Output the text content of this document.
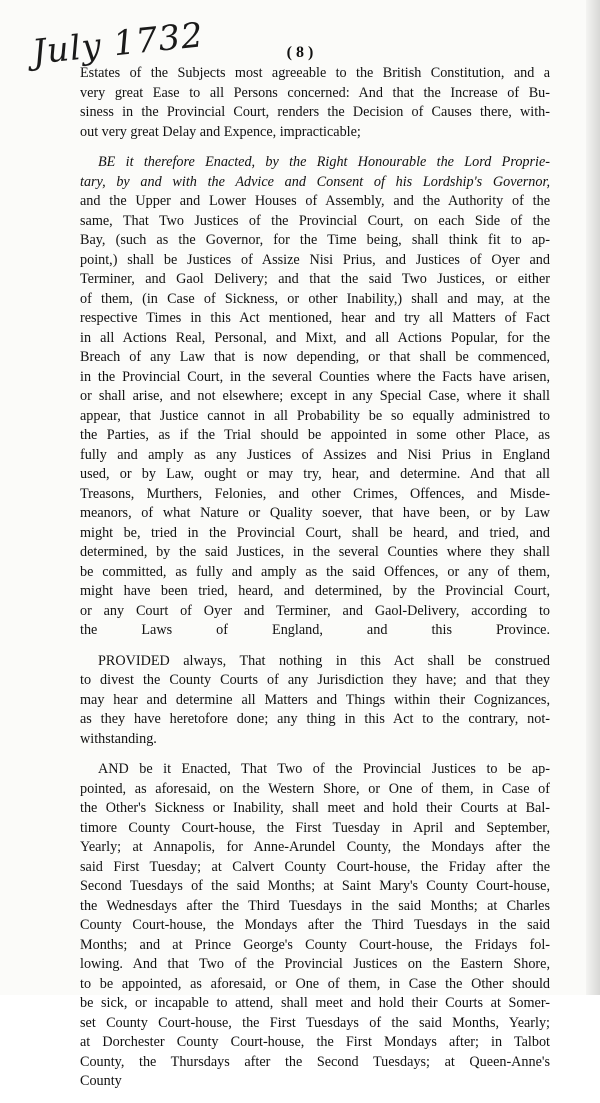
July 1732	( 8 )
Estates of the Subjects most agreeable to the British Constitution, and a
very great Ease to all Persons concerned: And that the Increase of Bu-
siness in the Provincial Court, renders the Decision of Causes there, with-
out very great Delay and Expence, impracticable;
BE it therefore Enacted, by the Right Honourable the Lord Proprie-
tary, by and with the Advice and Consent of his Lordship's Governor,
and the Upper and Lower Houses of Assembly, and the Authority of the
same, That Two Justices of the Provincial Court, on each Side of the
Bay, (such as the Governor, for the Time being, shall think fit to ap-
point,) shall be Justices of Assize Nisi Prius, and Justices of Oyer and
Terminer, and Gaol Delivery; and that the said Two Justices, or either
of them, (in Case of Sickness, or other Inability,) shall and may, at the
respective Times in this Act mentioned, hear and try all Matters of Fact
in all Actions Real, Personal, and Mixt, and all Actions Popular, for the
Breach of any Law that is now depending, or that shall be commenced,
in the Provincial Court, in the several Counties where the Facts have arisen,
or shall arise, and not elsewhere; except in any Special Case, where it shall
appear, that Justice cannot in all Probability be so equally administred to
the Parties, as if the Trial should be appointed in some other Place, as
fully and amply as any Justices of Assizes and Nisi Prius in England
used, or by Law, ought or may try, hear, and determine. And that all
Treasons, Murthers, Felonies, and other Crimes, Offences, and Misde-
meanors, of what Nature or Quality soever, that have been, or by Law
might be, tried in the Provincial Court, shall be heard, and tried, and
determined, by the said Justices, in the several Counties where they shall
be committed, as fully and amply as the said Offences, or any of them,
might have been tried, heard, and determined, by the Provincial Court,
or any Court of Oyer and Terminer, and Gaol-Delivery, according to
the Laws of England, and this Province.
PROVIDED always, That nothing in this Act shall be construed
to divest the County Courts of any Jurisdiction they have; and that they
may hear and determine all Matters and Things within their Cognizances,
as they have heretofore done; any thing in this Act to the contrary, not-
withstanding.
AND be it Enacted, That Two of the Provincial Justices to be ap-
pointed, as aforesaid, on the Western Shore, or One of them, in Case of
the Other's Sickness or Inability, shall meet and hold their Courts at Bal-
timore County Court-house, the First Tuesday in April and September,
Yearly; at Annapolis, for Anne-Arundel County, the Mondays after the
said First Tuesday; at Calvert County Court-house, the Friday after the
Second Tuesdays of the said Months; at Saint Mary's County Court-house,
the Wednesdays after the Third Tuesdays in the said Months; at Charles
County Court-house, the Mondays after the Third Tuesdays in the said
Months; and at Prince George's County Court-house, the Fridays fol-
lowing. And that Two of the Provincial Justices on the Eastern Shore,
to be appointed, as aforesaid, or One of them, in Case the Other should
be sick, or incapable to attend, shall meet and hold their Courts at Somer-
set County Court-house, the First Tuesdays of the said Months, Yearly;
at Dorchester County Court-house, the First Mondays after; in Talbot
County, the Thursdays after the Second Tuesdays; at Queen-Anne's
County
